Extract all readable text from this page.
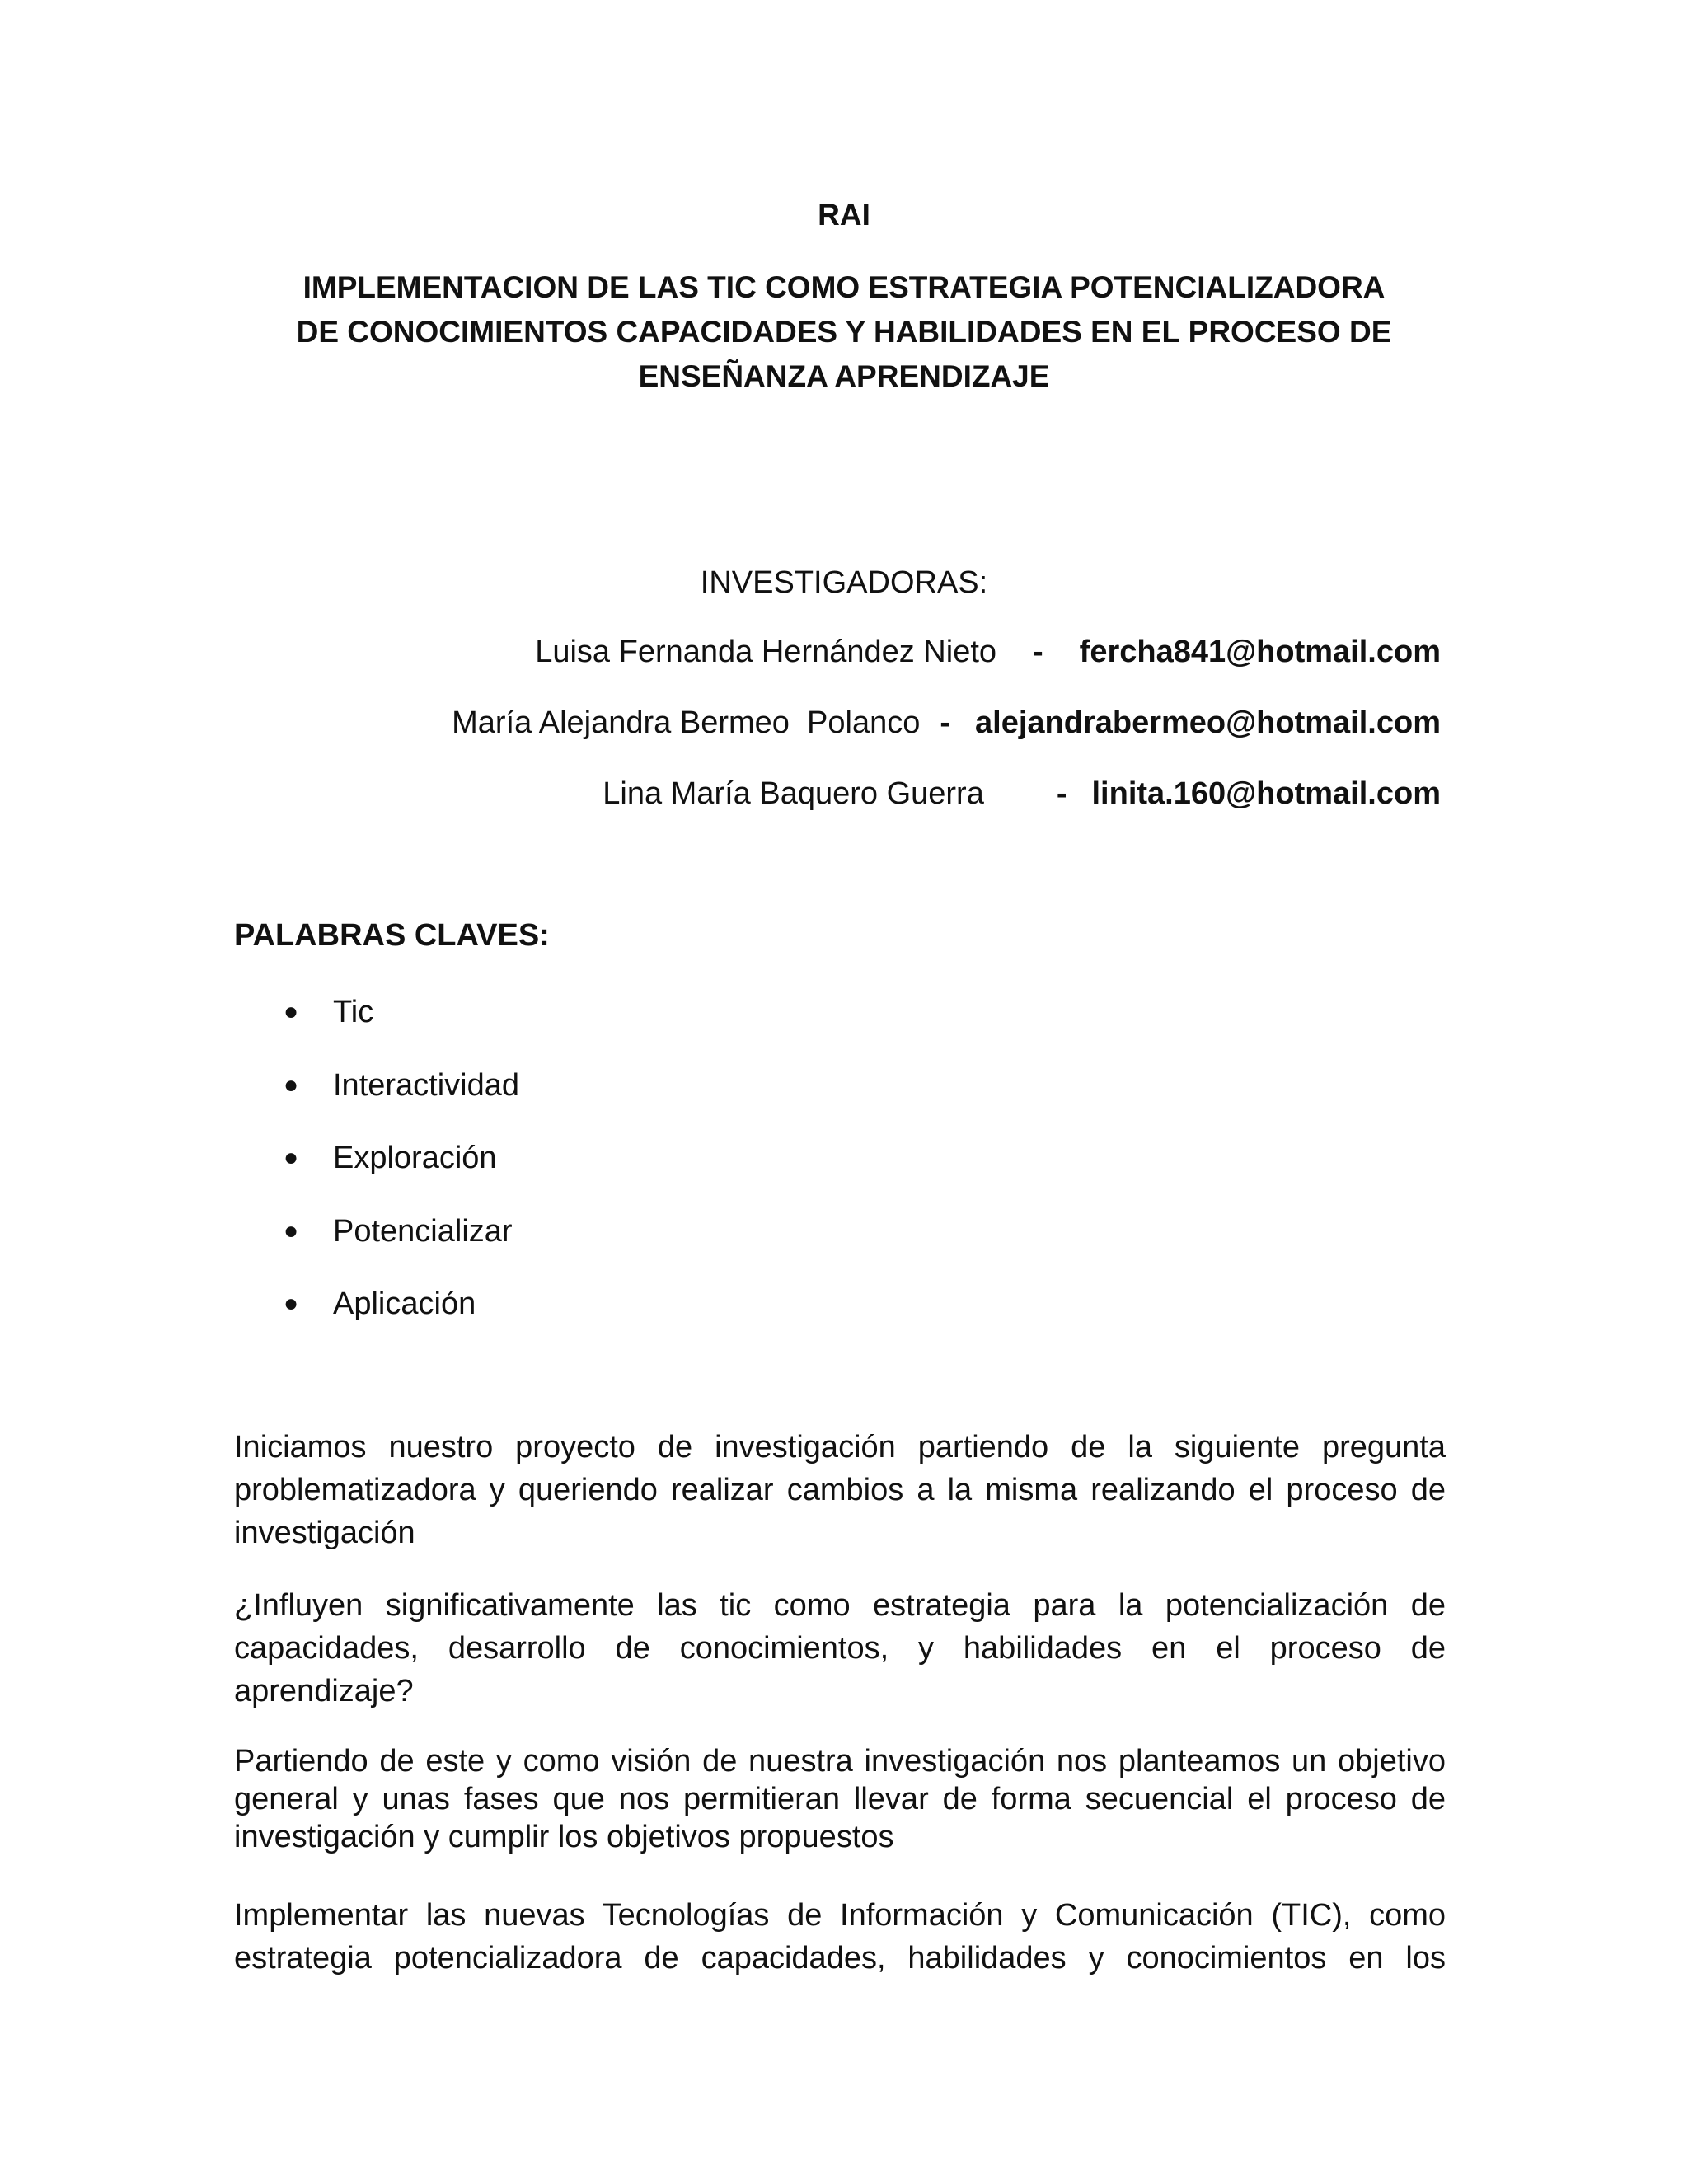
RAI
IMPLEMENTACION DE LAS TIC COMO ESTRATEGIA POTENCIALIZADORA
DE CONOCIMIENTOS CAPACIDADES Y HABILIDADES EN EL PROCESO DE
ENSEÑANZA APRENDIZAJE
INVESTIGADORAS:
Luisa Fernanda Hernández Nieto - fercha841@hotmail.com
María Alejandra Bermeo  Polanco - alejandrabermeo@hotmail.com
Lina María Baquero Guerra - linita.160@hotmail.com
PALABRAS CLAVES:
● Tic
● Interactividad
● Exploración
● Potencializar
● Aplicación

Iniciamos nuestro proyecto de investigación partiendo de la siguiente pregunta problematizadora y queriendo realizar cambios a la misma realizando el proceso de investigación

¿Influyen significativamente las tic como estrategia para la potencialización de capacidades, desarrollo de conocimientos, y habilidades en el proceso de aprendizaje?

Partiendo de este y como visión de nuestra investigación nos planteamos un objetivo general y unas fases que nos permitieran llevar de forma secuencial el proceso de investigación y cumplir los objetivos propuestos

Implementar las nuevas Tecnologías de Información y Comunicación (TIC), como estrategia potencializadora de capacidades, habilidades y conocimientos en los
